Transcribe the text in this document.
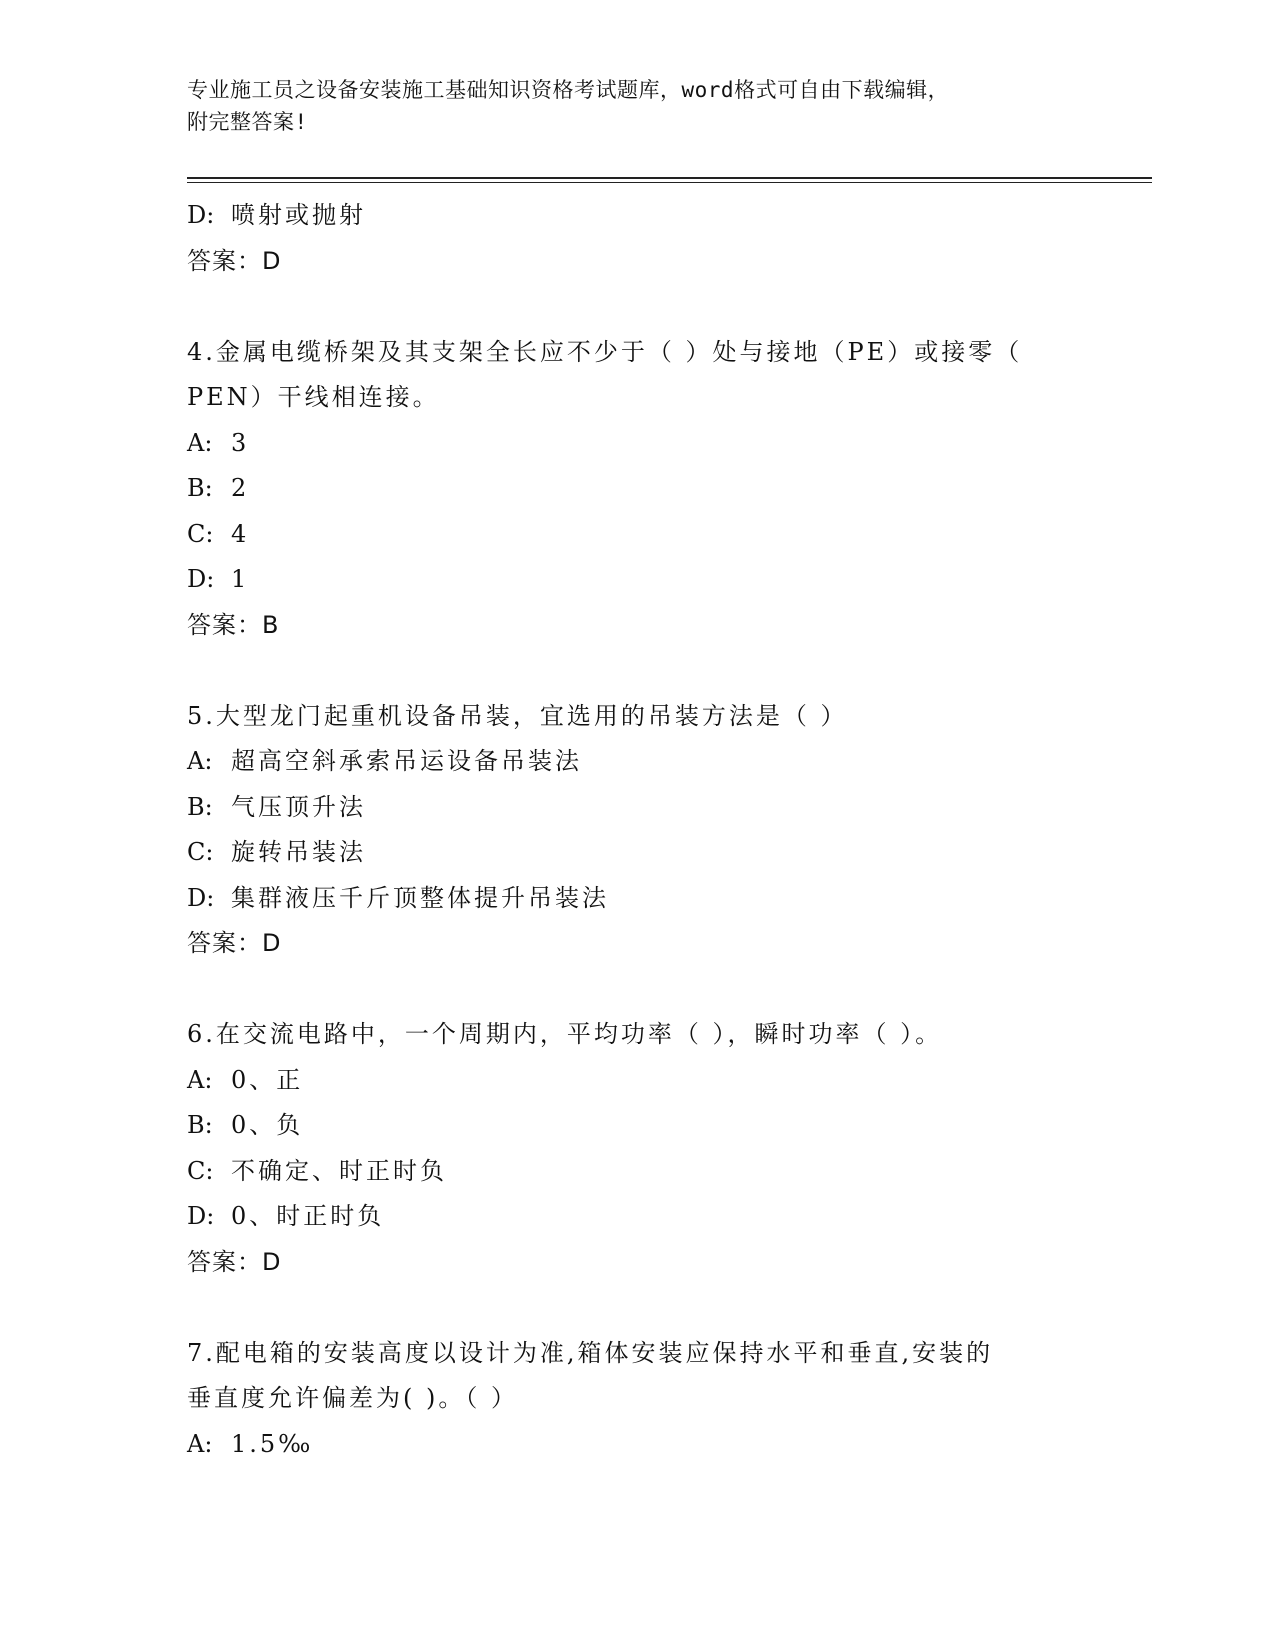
专业施工员之设备安装施工基础知识资格考试题库，word格式可自由下载编辑，
附完整答案!
D: 喷射或抛射
答案：D
4.金属电缆桥架及其支架全长应不少于（ ）处与接地（PE）或接零（
PEN）干线相连接。
A: 3
B: 2
C: 4
D: 1
答案：B
5.大型龙门起重机设备吊装，宜选用的吊装方法是（ ）
A: 超高空斜承索吊运设备吊装法
B: 气压顶升法
C: 旋转吊装法
D: 集群液压千斤顶整体提升吊装法
答案：D
6.在交流电路中，一个周期内，平均功率（ ），瞬时功率（ ）。
A: 0、正
B: 0、负
C: 不确定、时正时负
D: 0、时正时负
答案：D
7.配电箱的安装高度以设计为准,箱体安装应保持水平和垂直,安装的
垂直度允许偏差为( )。（ ）
A: 1.5‰
